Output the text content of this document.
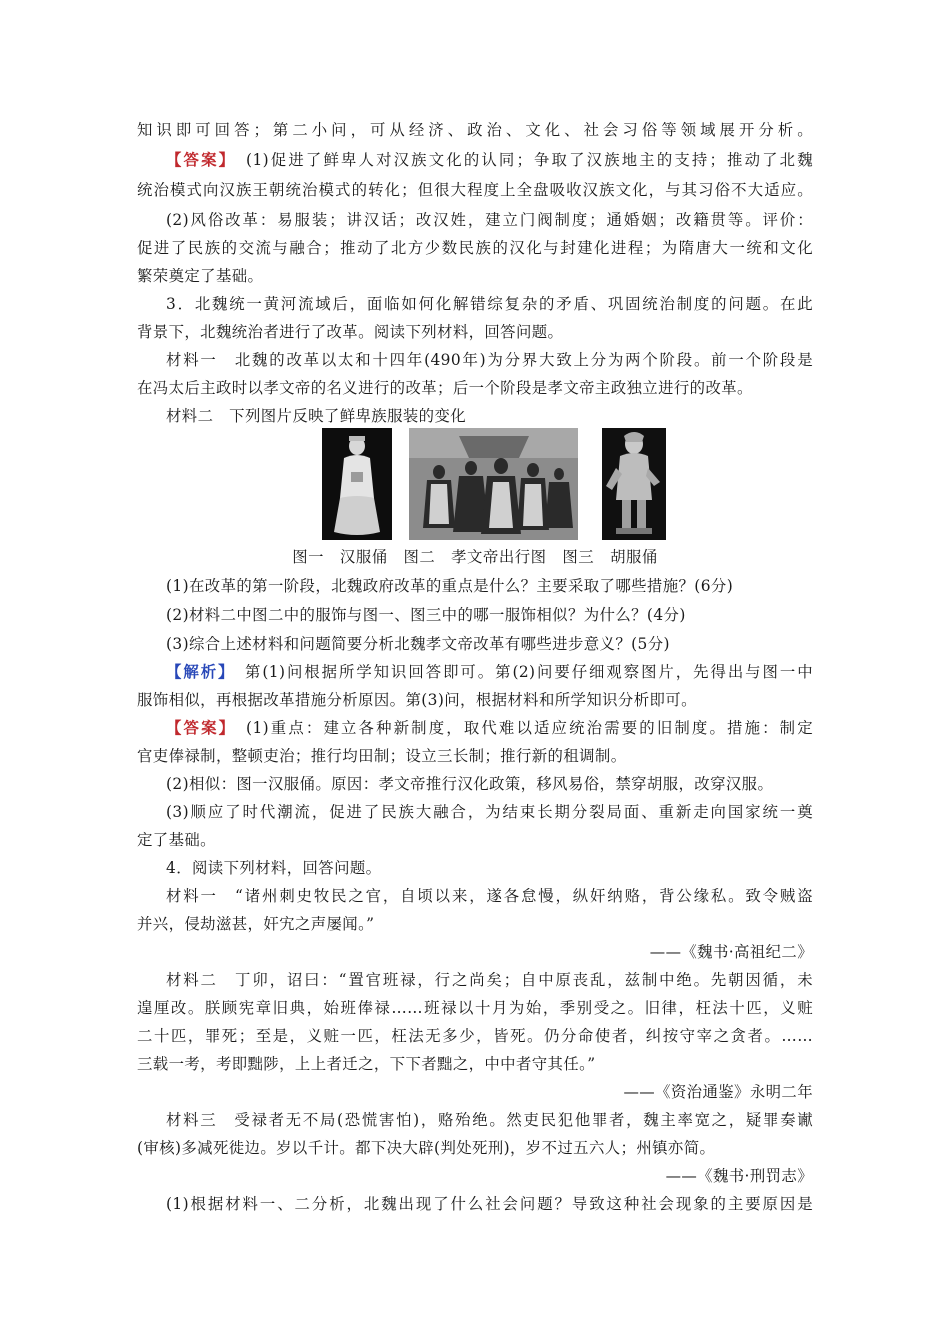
知识即可回答；第二小问，可从经济、政治、文化、社会习俗等领域展开分析。
【答案】　 (1)促进了鲜卑人对汉族文化的认同；争取了汉族地主的支持；推动了北魏
统治模式向汉族王朝统治模式的转化；但很大程度上全盘吸收汉族文化，与其习俗不大适应。
(2)风俗改革：易服装；讲汉话；改汉姓，建立门阀制度；通婚姻；改籍贯等。评价：
促进了民族的交流与融合；推动了北方少数民族的汉化与封建化进程；为隋唐大一统和文化
繁荣奠定了基础。
3．北魏统一黄河流域后，面临如何化解错综复杂的矛盾、巩固统治制度的问题。在此
背景下，北魏统治者进行了改革。阅读下列材料，回答问题。
材料一　北魏的改革以太和十四年(490年)为分界大致上分为两个阶段。前一个阶段是
在冯太后主政时以孝文帝的名义进行的改革；后一个阶段是孝文帝主政独立进行的改革。
材料二　下列图片反映了鲜卑族服装的变化
图一　汉服俑　图二　孝文帝出行图　图三　胡服俑
(1)在改革的第一阶段，北魏政府改革的重点是什么？主要采取了哪些措施？(6分)
(2)材料二中图二中的服饰与图一、图三中的哪一服饰相似？为什么？(4分)
(3)综合上述材料和问题简要分析北魏孝文帝改革有哪些进步意义？(5分)
【解析】　 第(1)问根据所学知识回答即可。第(2)问要仔细观察图片，先得出与图一中
服饰相似，再根据改革措施分析原因。第(3)问，根据材料和所学知识分析即可。
【答案】　 (1)重点：建立各种新制度，取代难以适应统治需要的旧制度。措施：制定
官吏俸禄制，整顿吏治；推行均田制；设立三长制；推行新的租调制。
(2)相似：图一汉服俑。原因：孝文帝推行汉化政策，移风易俗，禁穿胡服，改穿汉服。
(3)顺应了时代潮流，促进了民族大融合，为结束长期分裂局面、重新走向国家统一奠
定了基础。
4．阅读下列材料，回答问题。
材料一　“诸州刺史牧民之官，自顷以来，遂各怠慢，纵奸纳赂，背公缘私。致令贼盗
并兴，侵劫滋甚，奸宄之声屡闻。”
——《魏书·高祖纪二》
材料二　丁卯，诏曰：“置官班禄，行之尚矣；自中原丧乱，兹制中绝。先朝因循，未
遑厘改。朕顾宪章旧典，始班俸禄……班禄以十月为始，季别受之。旧律，枉法十匹，义赃
二十匹，罪死；至是，义赃一匹，枉法无多少，皆死。仍分命使者，纠按守宰之贪者。……
三载一考，考即黜陟，上上者迁之，下下者黜之，中中者守其任。”
——《资治通鉴》永明二年
材料三　受禄者无不局(恐慌害怕)，赂殆绝。然吏民犯他罪者，魏主率宽之，疑罪奏谳
(审核)多减死徙边。岁以千计。都下决大辟(判处死刑)，岁不过五六人；州镇亦简。
——《魏书·刑罚志》
(1)根据材料一、二分析，北魏出现了什么社会问题？导致这种社会现象的主要原因是
